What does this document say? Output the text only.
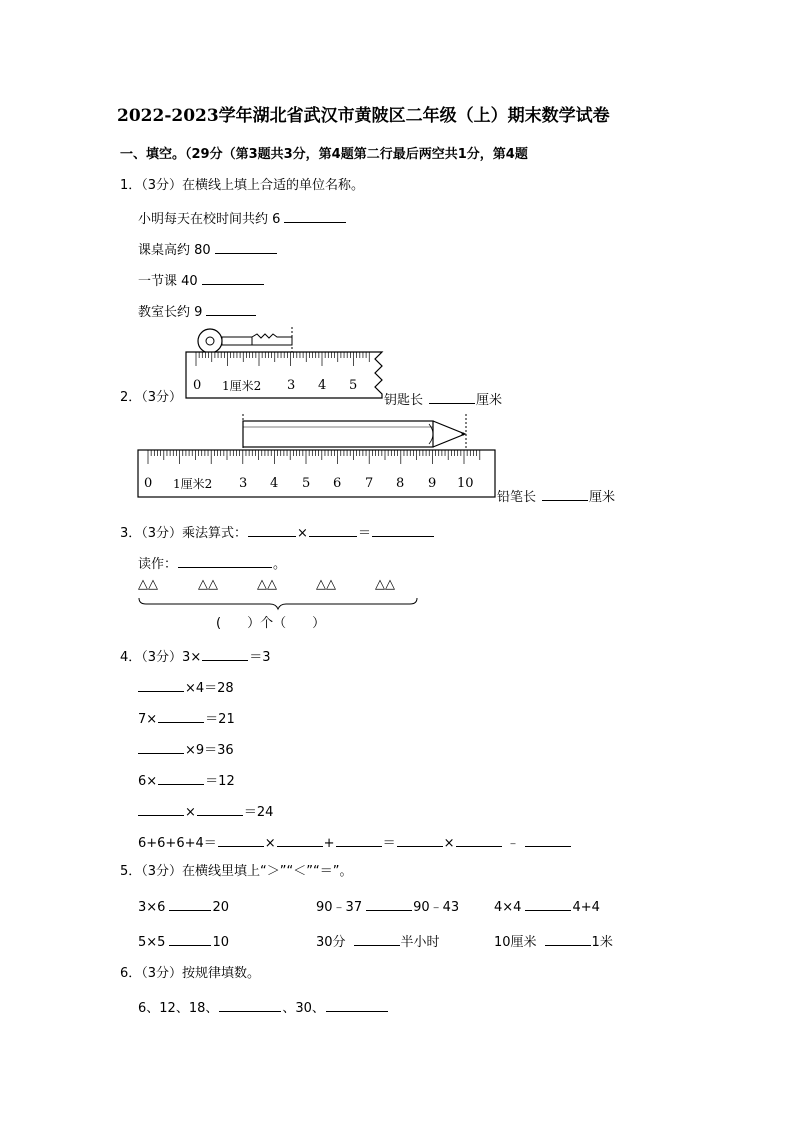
2022-2023学年湖北省武汉市黄陂区二年级（上）期末数学试卷
一、填空。（29分（第3题共3分，第4题第二行最后两空共1分，第4题
1．（3分）在横线上填上合适的单位名称。
小明每天在校时间共约 6
课桌高约 80
一节课 40
教室长约 9
0 1厘米2 3 4 5
2．（3分）	钥匙长	厘米
0 1厘米2 3 4 5 6 7 8 9 10
铅笔长	厘米
3．（3分）乘法算式：	×	＝
读作：	。
△△	△△	△△	△△	△△
(　　）个（　　）
4．（3分）3×	＝3
×4＝28
7×	＝21
×9＝36
6×	＝12
×	＝24
6+6+6+4＝	×	+	＝	×	﹣
5．（3分）在横线里填上“＞”“＜”“＝”。
3×6	20	90﹣37	90﹣43	4×4	4+4
5×5	10	30分	半小时	10厘米	1米
6．（3分）按规律填数。
6、12、18、	、30、
